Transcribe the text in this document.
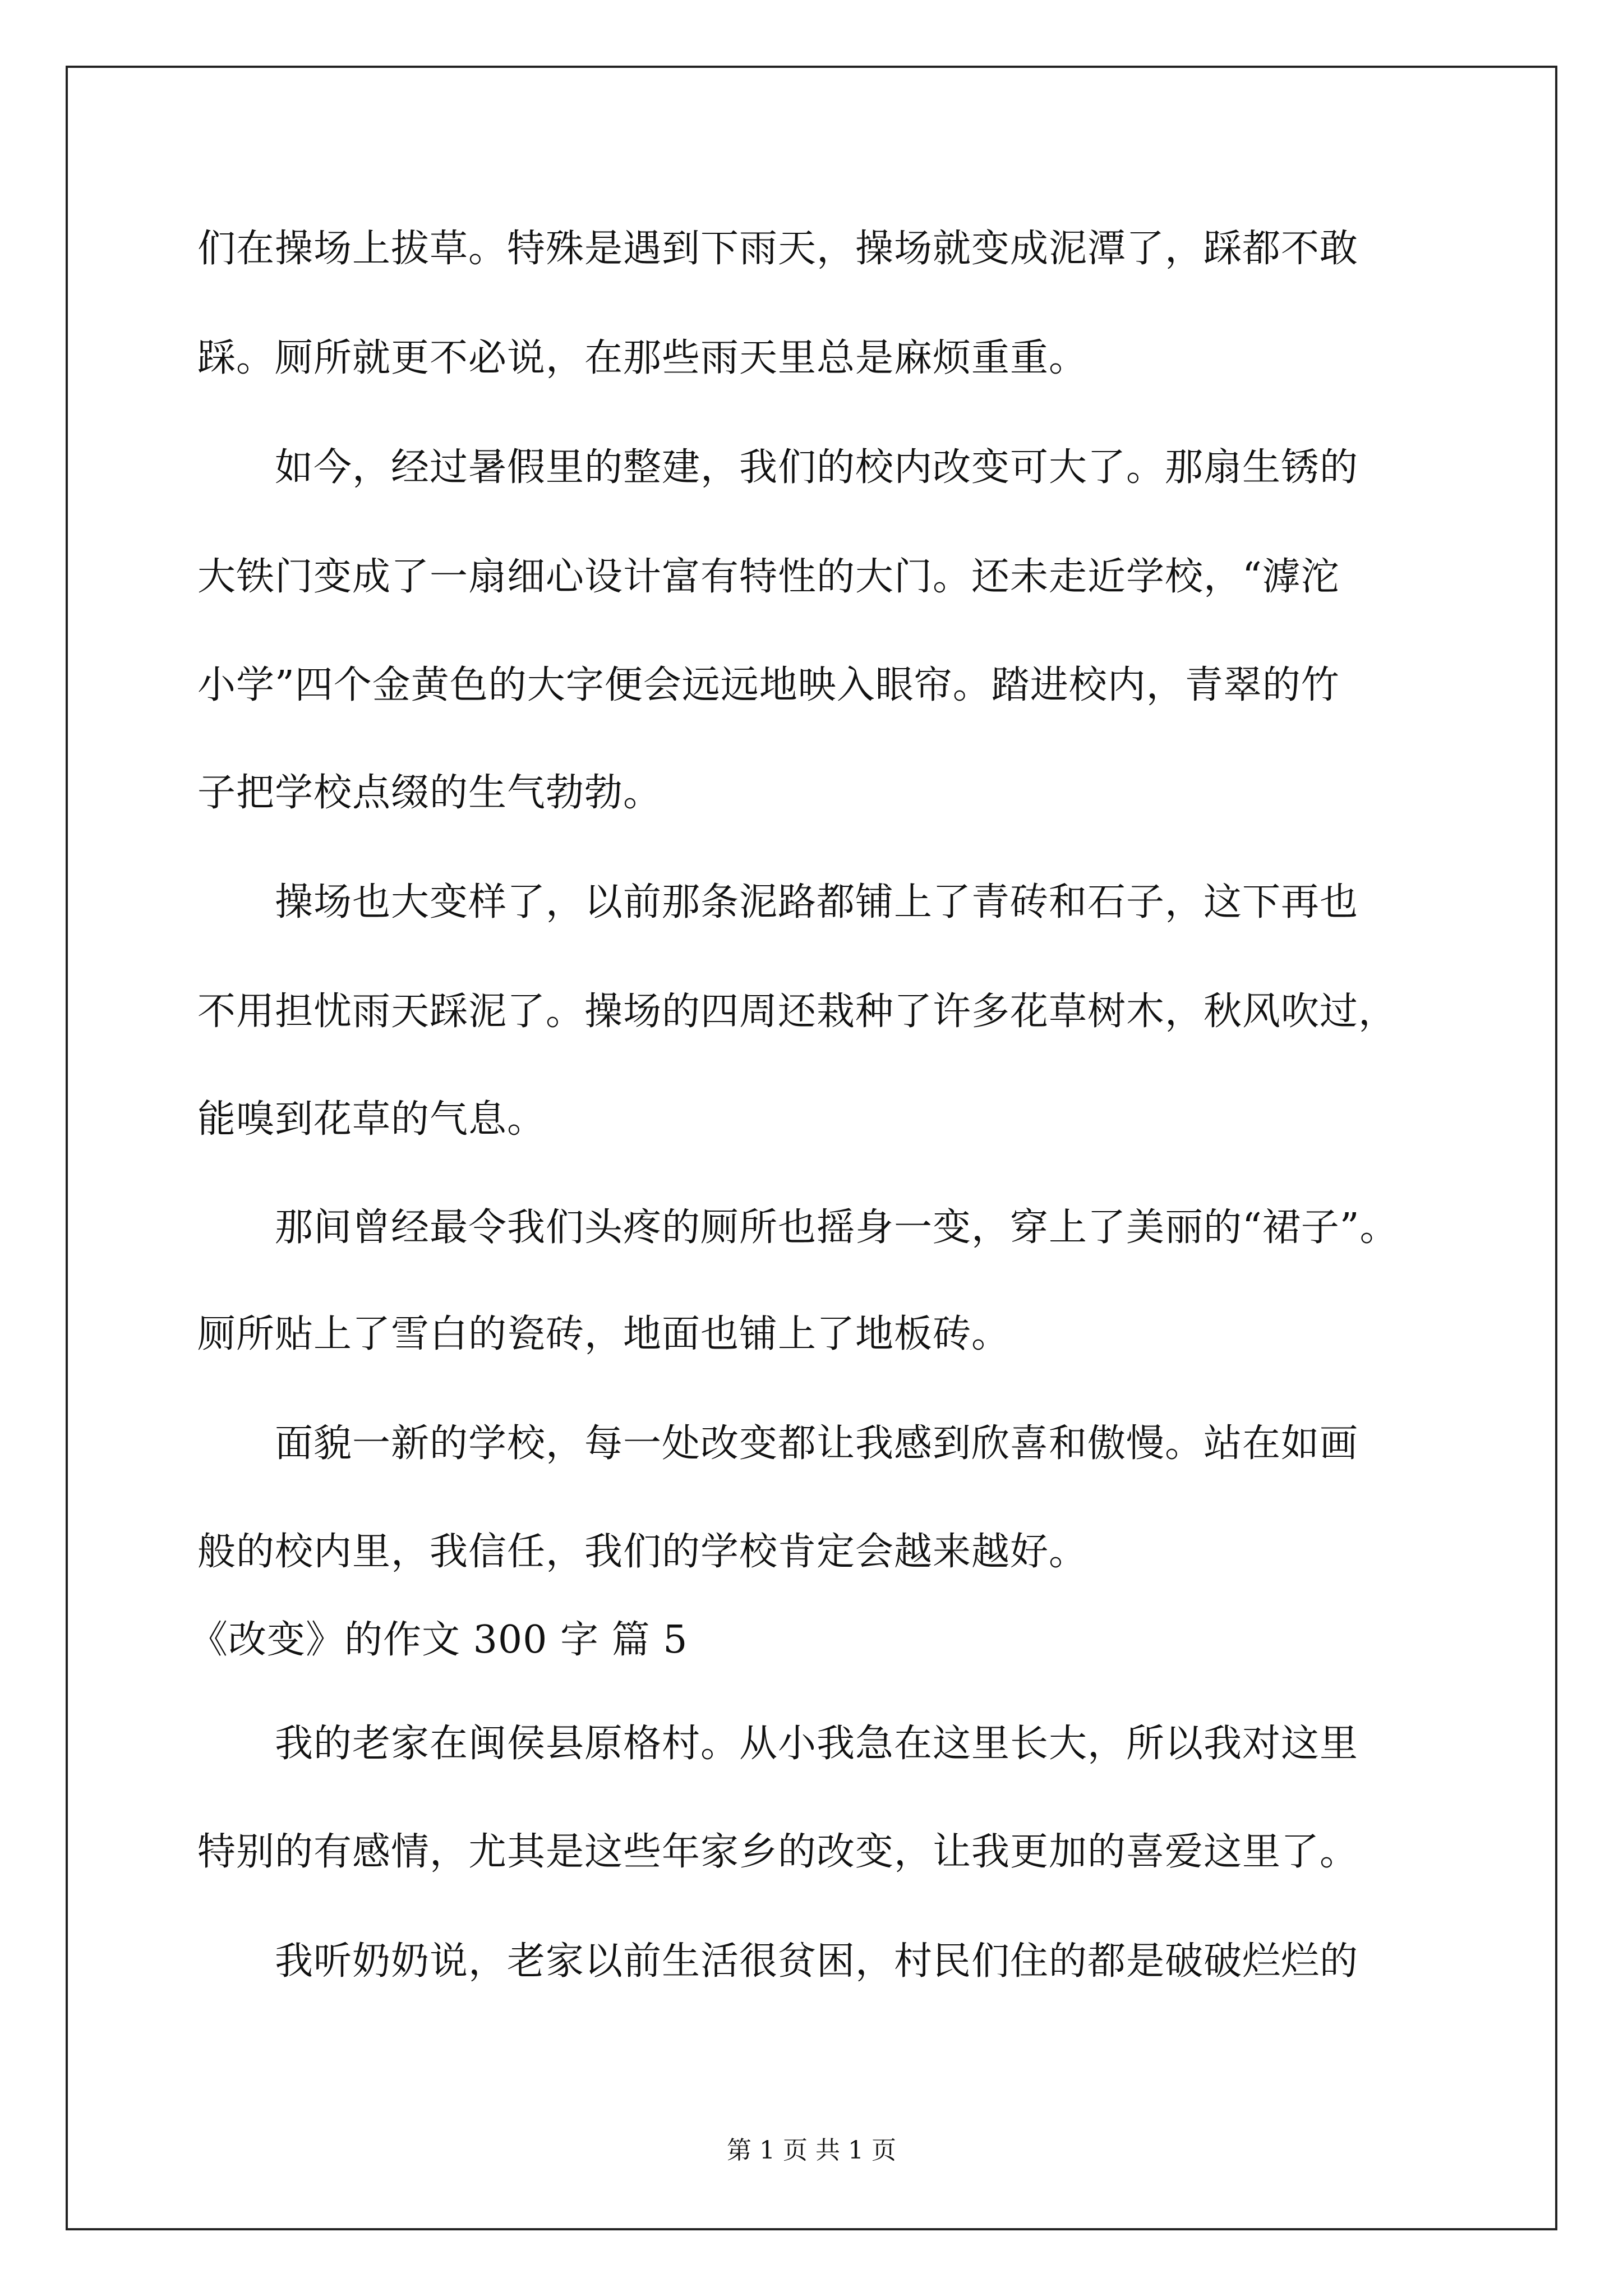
们在操场上拔草。特殊是遇到下雨天，操场就变成泥潭了，踩都不敢
踩。厕所就更不必说，在那些雨天里总是麻烦重重。
　　如今，经过暑假里的整建，我们的校内改变可大了。那扇生锈的
大铁门变成了一扇细心设计富有特性的大门。还未走近学校，“滹沱
小学”四个金黄色的大字便会远远地映入眼帘。踏进校内，青翠的竹
子把学校点缀的生气勃勃。
　　操场也大变样了，以前那条泥路都铺上了青砖和石子，这下再也
不用担忧雨天踩泥了。操场的四周还栽种了许多花草树木，秋风吹过，
能嗅到花草的气息。
　　那间曾经最令我们头疼的厕所也摇身一变，穿上了美丽的“裙子”。
厕所贴上了雪白的瓷砖，地面也铺上了地板砖。
　　面貌一新的学校，每一处改变都让我感到欣喜和傲慢。站在如画
般的校内里，我信任，我们的学校肯定会越来越好。
《改变》的作文 300 字 篇 5
　　我的老家在闽侯县原格村。从小我急在这里长大，所以我对这里
特别的有感情，尤其是这些年家乡的改变，让我更加的喜爱这里了。
　　我听奶奶说，老家以前生活很贫困，村民们住的都是破破烂烂的
第 1 页 共 1 页
